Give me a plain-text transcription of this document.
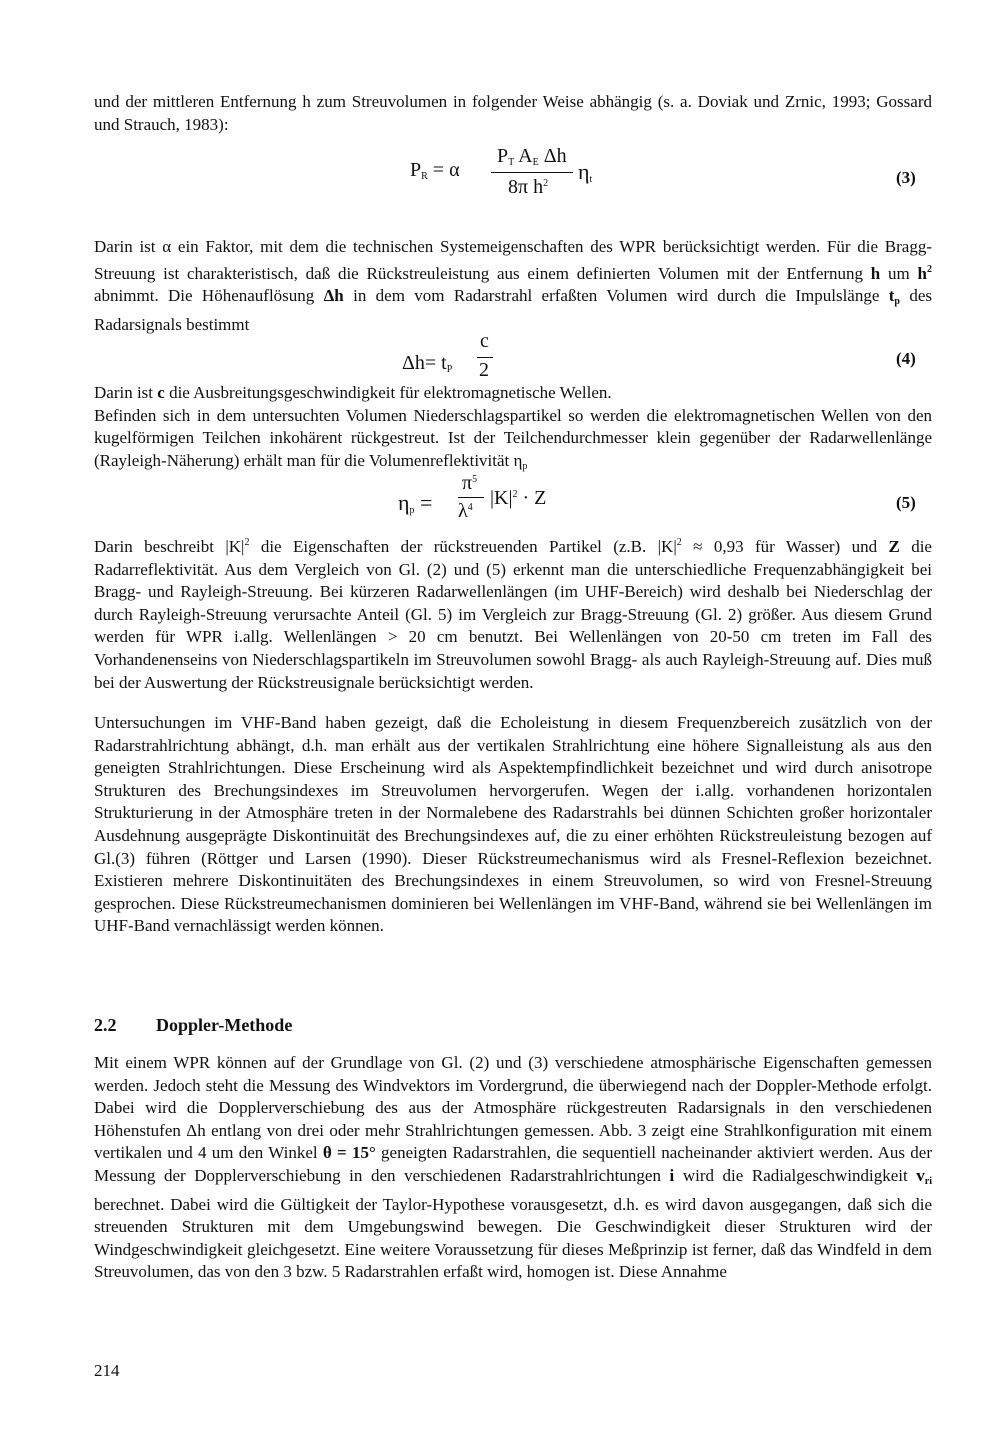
und der mittleren Entfernung h zum Streuvolumen in folgender Weise abhängig (s. a. Doviak und Zrnic, 1993; Gossard und Strauch, 1983):

$P_R = \alpha$
$P_T$ $A_E$ Δh
8π $h^2$ $\eta_t$	(3)

Darin ist α ein Faktor, mit dem die technischen Systemeigenschaften des WPR berücksichtigt werden. Für die Bragg-Streuung ist charakteristisch, daß die Rückstreuleistung aus einem definierten Volumen mit der Entfernung h um $h^2$ abnimmt. Die Höhenauflösung Δh in dem vom Radarstrahl erfaßten Volumen wird durch die Impulslänge $t_p$ des Radarsignals bestimmt

$\Delta h= t_P$
c
2
(4)

Darin ist c die Ausbreitungsgeschwindigkeit für elektromagnetische Wellen.
Befinden sich in dem untersuchten Volumen Niederschlagspartikel so werden die elektromagnetischen Wellen von den kugelförmigen Teilchen inkohärent rückgestreut. Ist der Teilchendurchmesser klein gegenüber der Radarwellenlänge (Rayleigh-Näherung) erhält man für die Volumenreflektivität $\eta_p$

$\eta_p$ =
$\pi^5$
$\lambda^4$ $|K|^2 \cdot Z$	(5)

Darin beschreibt $|K|^2$ die Eigenschaften der rückstreuenden Partikel (z.B. $|K|^2 \approx 0,93$ für Wasser) und Z die Radarreflektivität. Aus dem Vergleich von Gl. (2) und (5) erkennt man die unterschiedliche Frequenzabhängigkeit bei Bragg- und Rayleigh-Streuung. Bei kürzeren Radarwellenlängen (im UHF-Bereich) wird deshalb bei Niederschlag der durch Rayleigh-Streuung verursachte Anteil (Gl. 5) im Vergleich zur Bragg-Streuung (Gl. 2) größer. Aus diesem Grund werden für WPR i.allg. Wellenlängen > 20 cm benutzt. Bei Wellenlängen von 20-50 cm treten im Fall des Vorhandenenseins von Niederschlagspartikeln im Streuvolumen sowohl Bragg- als auch Rayleigh-Streuung auf. Dies muß bei der Auswertung der Rückstreusignale berücksichtigt werden.

Untersuchungen im VHF-Band haben gezeigt, daß die Echoleistung in diesem Frequenzbereich zusätzlich von der Radarstrahlrichtung abhängt, d.h. man erhält aus der vertikalen Strahlrichtung eine höhere Signalleistung als aus den geneigten Strahlrichtungen. Diese Erscheinung wird als Aspektempfindlichkeit bezeichnet und wird durch anisotrope Strukturen des Brechungsindexes im Streuvolumen hervorgerufen. Wegen der i.allg. vorhandenen horizontalen Strukturierung in der Atmosphäre treten in der Normalebene des Radarstrahls bei dünnen Schichten großer horizontaler Ausdehnung ausgeprägte Diskontinuität des Brechungsindexes auf, die zu einer erhöhten Rückstreuleistung bezogen auf Gl.(3) führen (Röttger und Larsen (1990). Dieser Rückstreumechanismus wird als Fresnel-Reflexion bezeichnet. Existieren mehrere Diskontinuitäten des Brechungsindexes in einem Streuvolumen, so wird von Fresnel-Streuung gesprochen. Diese Rückstreumechanismen dominieren bei Wellenlängen im VHF-Band, während sie bei Wellenlängen im UHF-Band vernachlässigt werden können.

2.2 Doppler-Methode

Mit einem WPR können auf der Grundlage von Gl. (2) und (3) verschiedene atmosphärische Eigenschaften gemessen werden. Jedoch steht die Messung des Windvektors im Vordergrund, die überwiegend nach der Doppler-Methode erfolgt. Dabei wird die Dopplerverschiebung des aus der Atmosphäre rückgestreuten Radarsignals in den verschiedenen Höhenstufen Δh entlang von drei oder mehr Strahlrichtungen gemessen. Abb. 3 zeigt eine Strahlkonfiguration mit einem vertikalen und 4 um den Winkel θ = 15° geneigten Radarstrahlen, die sequentiell nacheinander aktiviert werden. Aus der Messung der Dopplerverschiebung in den verschiedenen Radarstrahlrichtungen i wird die Radialgeschwindigkeit $v_{ri}$ berechnet. Dabei wird die Gültigkeit der Taylor-Hypothese vorausgesetzt, d.h. es wird davon ausgegangen, daß sich die streuenden Strukturen mit dem Umgebungswind bewegen. Die Geschwindigkeit dieser Strukturen wird der Windgeschwindigkeit gleichgesetzt. Eine weitere Voraussetzung für dieses Meßprinzip ist ferner, daß das Windfeld in dem Streuvolumen, das von den 3 bzw. 5 Radarstrahlen erfaßt wird, homogen ist. Diese Annahme

214
